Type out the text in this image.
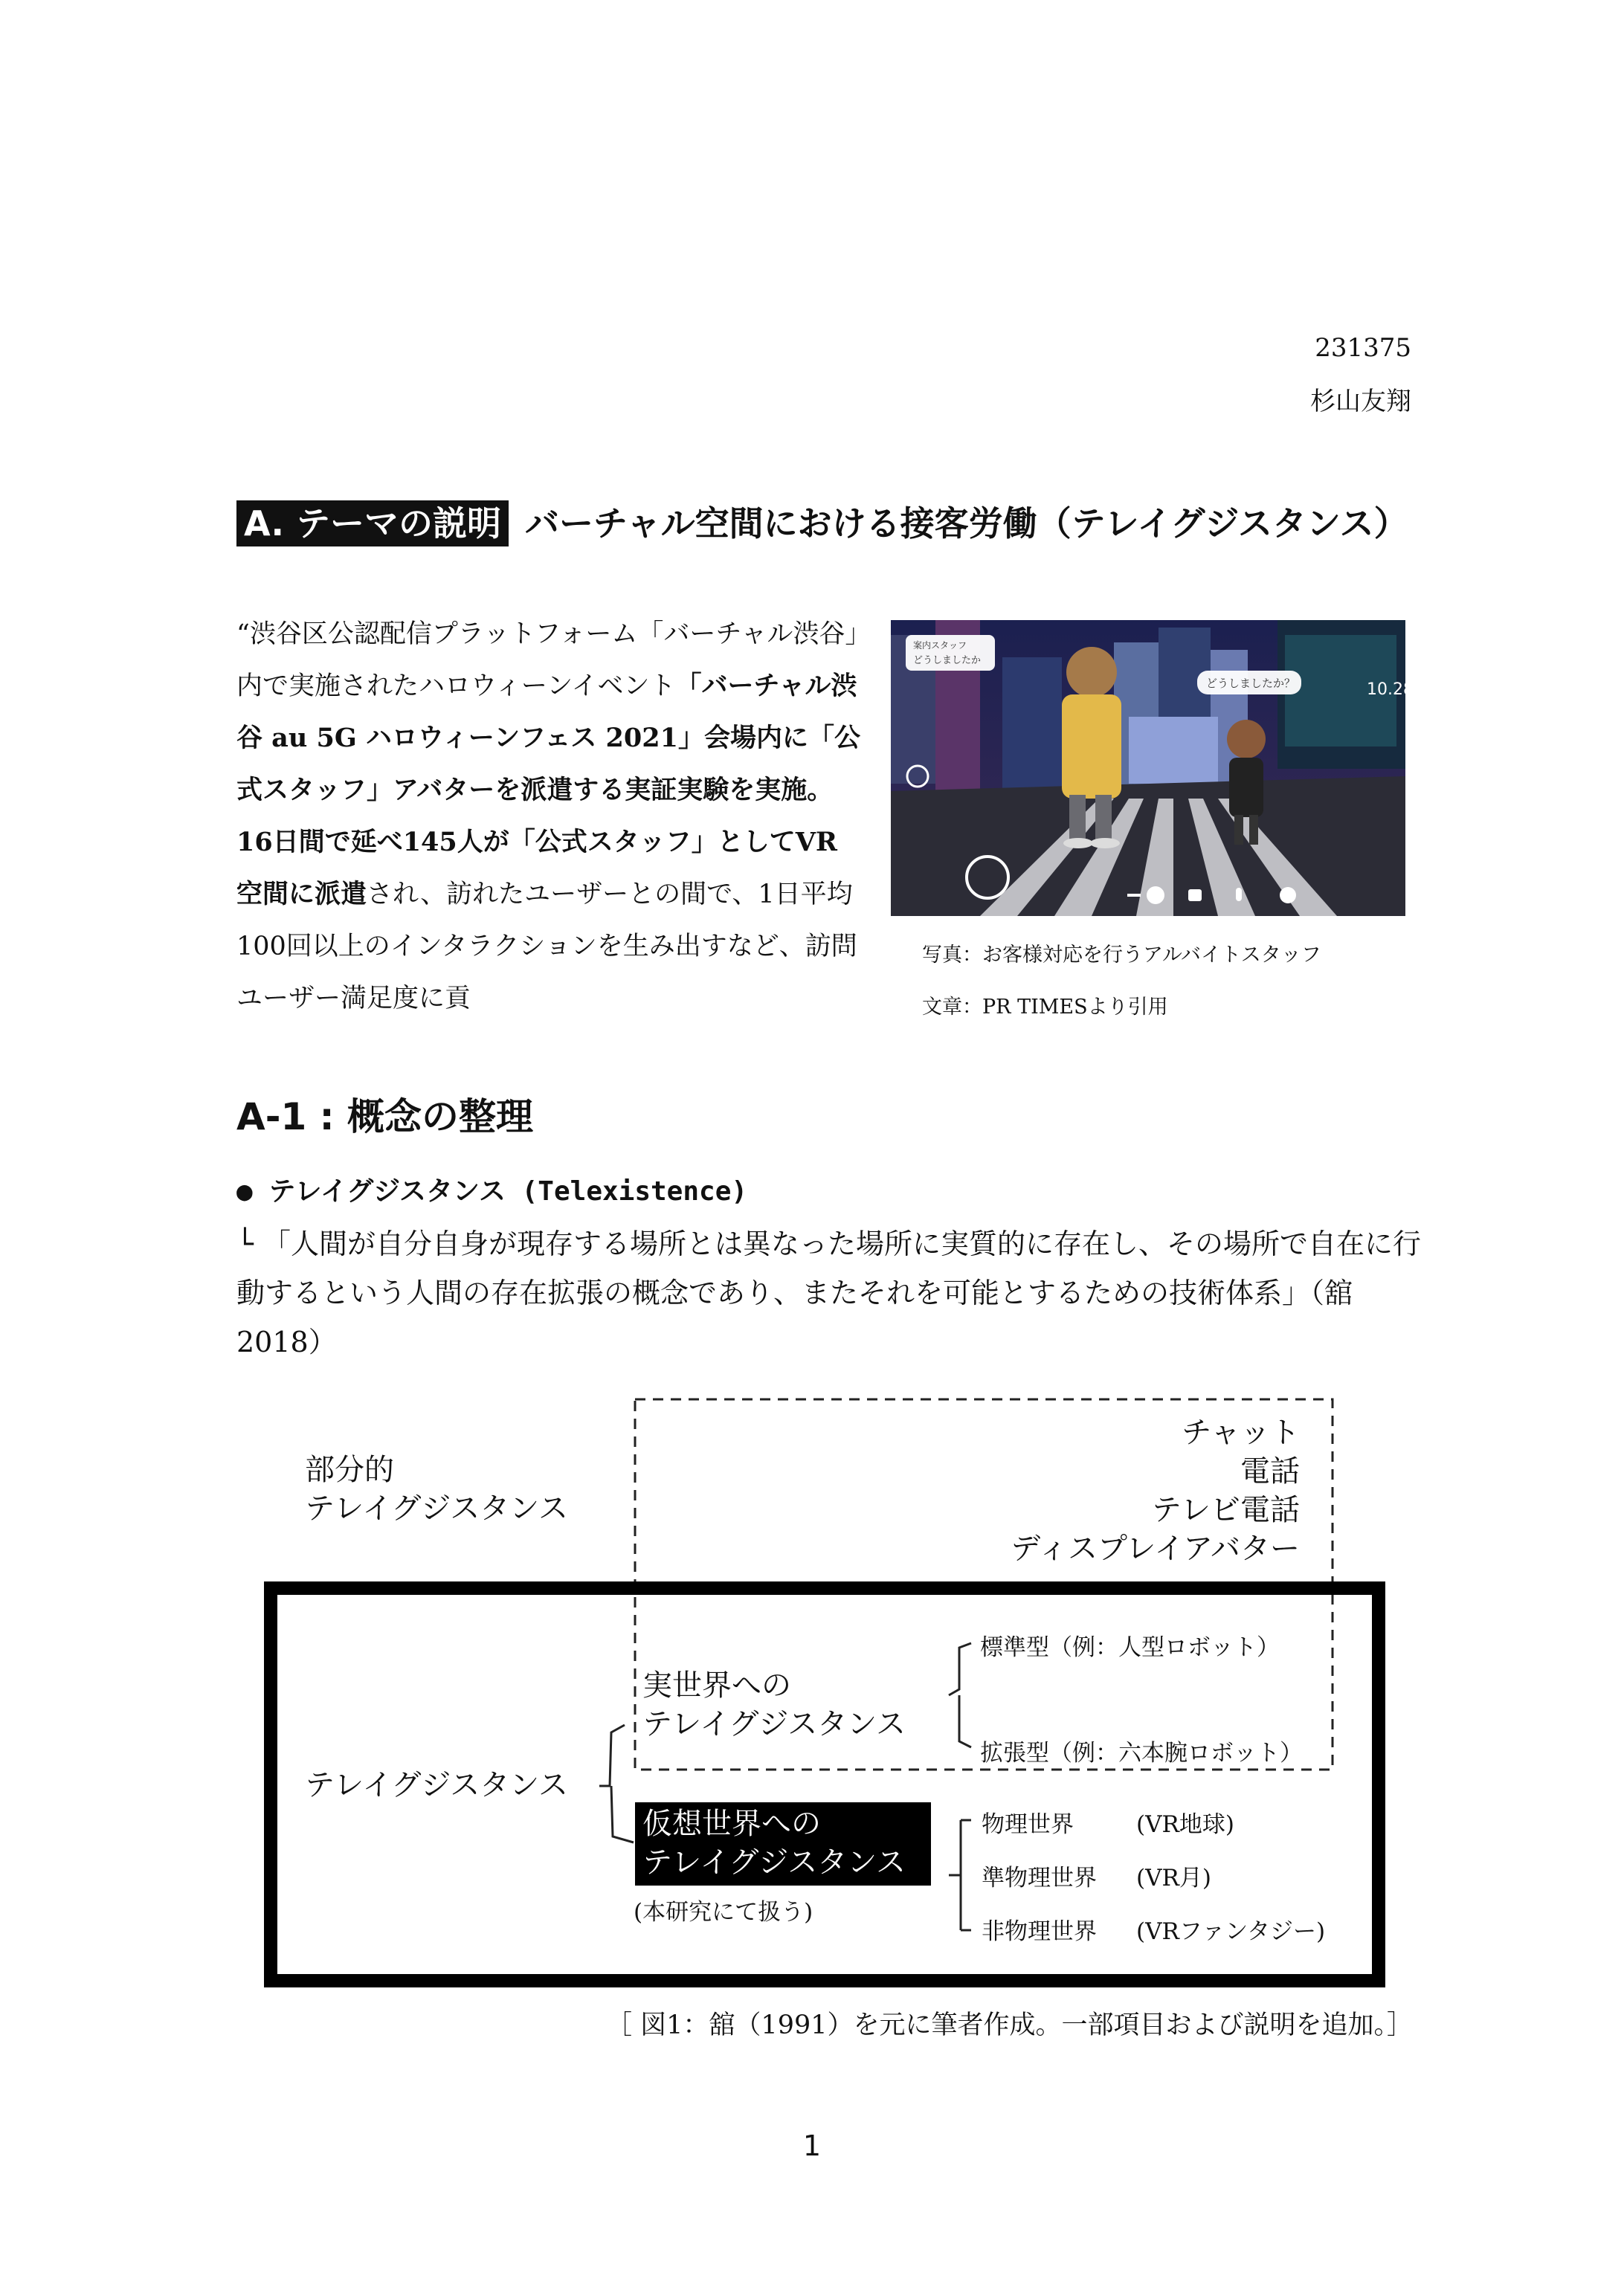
231375
杉山友翔
A. テーマの説明 バーチャル空間における接客労働（テレイグジスタンス）
“渋谷区公認配信プラットフォーム「バーチャル渋谷」内で実施されたハロウィーンイベント「バーチャル渋谷 au 5G ハロウィーンフェス 2021」会場内に「公式スタッフ」アバターを派遣する実証実験を実施。16日間で延べ145人が「公式スタッフ」としてVR空間に派遣され、訪れたユーザーとの間で、1日平均100回以上のインタラクションを生み出すなど、訪問ユーザー満足度に貢
10.28
案内スタッフ
どうしましたか
どうしましたか？
写真：お客様対応を行うアルバイトスタッフ
文章：PR TIMESより引用
A-1 : 概念の整理
● テレイグジスタンス (Telexistence)
└ 「人間が自分自身が現存する場所とは異なった場所に実質的に存在し、その場所で自在に行動するという人間の存在拡張の概念であり、またそれを可能とするための技術体系」（舘 2018）
部分的
テレイグジスタンス
チャット
電話
テレビ電話
ディスプレイアバター
テレイグジスタンス
実世界への
テレイグジスタンス
標準型（例：人型ロボット）
拡張型（例：六本腕ロボット）
仮想世界への
テレイグジスタンス
(本研究にて扱う)
物理世界	(VR地球)
準物理世界 (VR月)
非物理世界 (VRファンタジー)
［ 図1：舘（1991）を元に筆者作成。一部項目および説明を追加。］
1
